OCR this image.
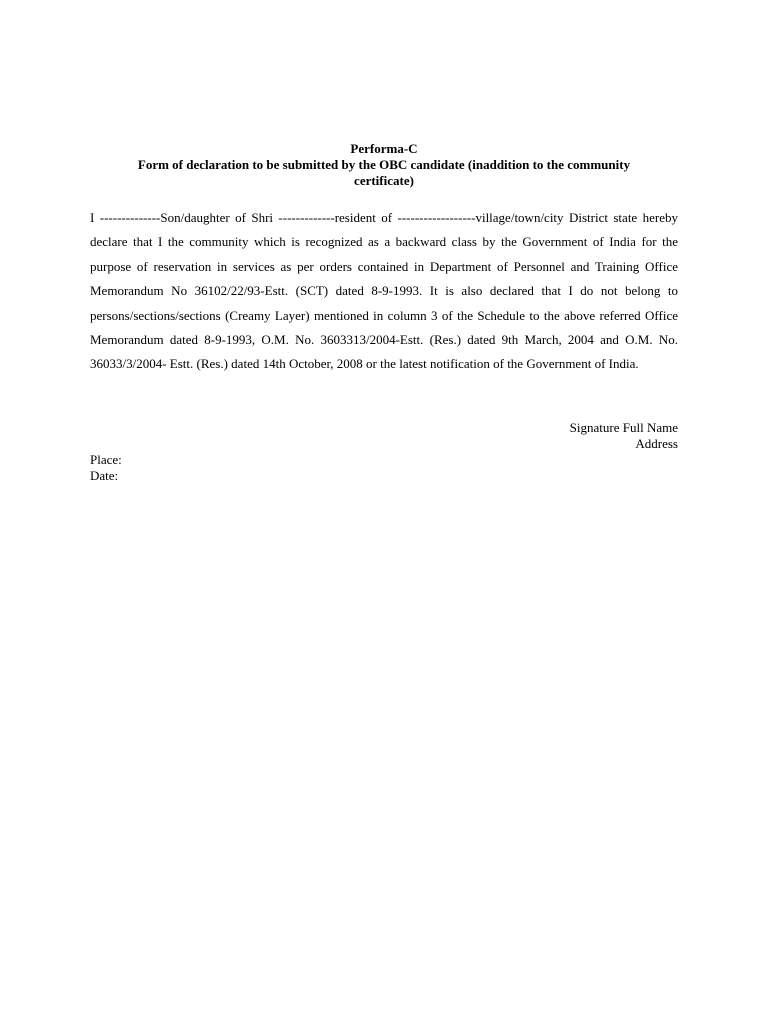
Performa-C
Form of declaration to be submitted by the OBC candidate (inaddition to the community
certificate)

I --------------Son/daughter of Shri -------------resident of ------------------village/town/city District state hereby declare that I the community which is recognized as a backward class by the Government of India for the purpose of reservation in services as per orders contained in Department of Personnel and Training Office Memorandum No 36102/22/93-Estt. (SCT) dated 8-9-1993. It is also declared that I do not belong to persons/sections/sections (Creamy Layer) mentioned in column 3 of the Schedule to the above referred Office Memorandum dated 8-9-1993, O.M. No. 3603313/2004-Estt. (Res.) dated 9th March, 2004 and O.M. No. 36033/3/2004- Estt. (Res.) dated 14th October, 2008 or the latest notification of the Government of India.

Signature Full Name
Address
Place:
Date:
